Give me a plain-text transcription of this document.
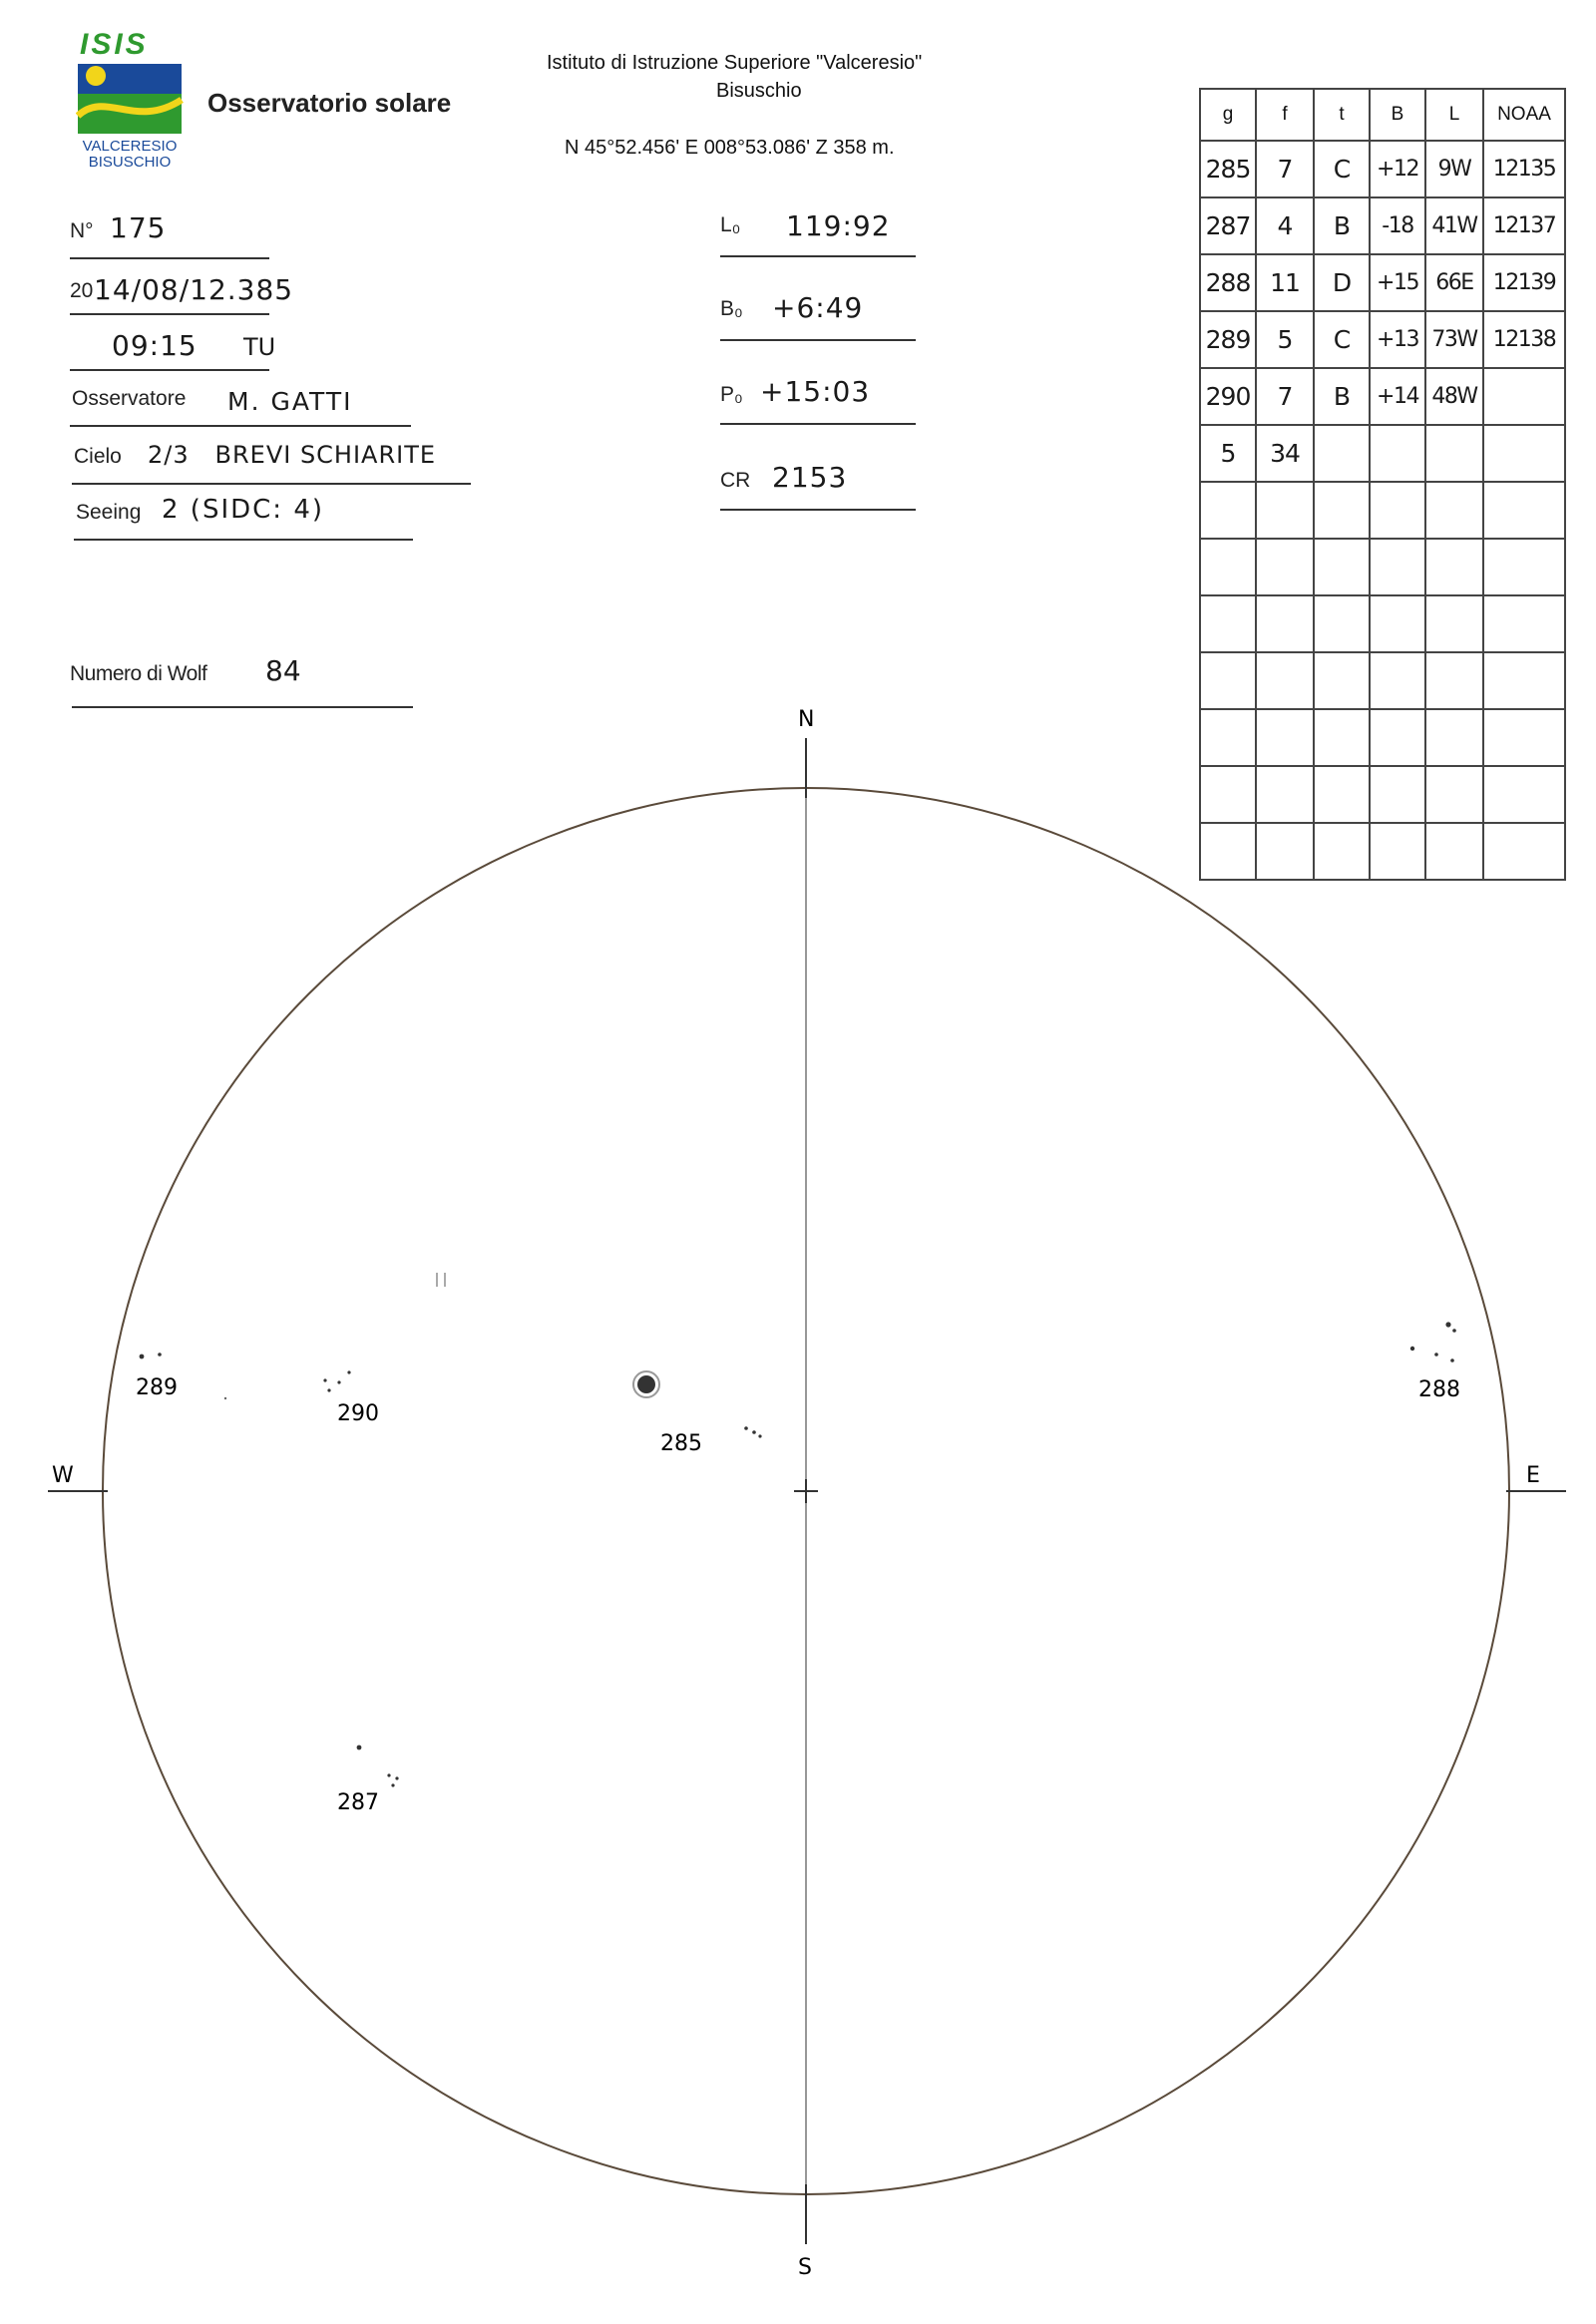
ISIS
VALCERESIO
BISUSCHIO
Osservatorio solare
Istituto di Istruzione Superiore "Valceresio"
Bisuschio
N 45°52.456' E 008°53.086' Z 358 m.
N° 175
20 14/08/12.385
09:15 TU
Osservatore M. GATTI
Cielo 2/3   BREVI SCHIARITE
Seeing 2 (SIDC: 4)
Numero di Wolf 84
L₀ 119:92
B₀ +6:49
P₀ +15:03
CR 2153
g	f	t	B	L	NOAA
285	7	C	+12	9W	12135
287	4	B	-18	41W	12137
288	11	D	+15	66E	12139
289	5	C	+13	73W	12138
290	7	B	+14	48W	
5	34				

N
S
W	E
285
287
288
289
290
